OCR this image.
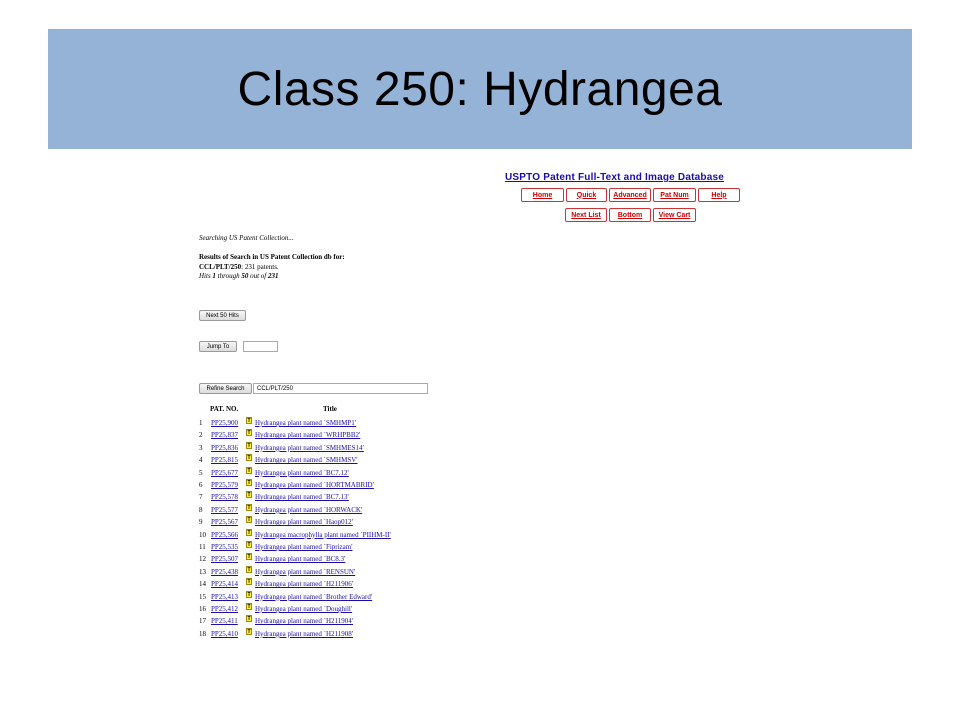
Class 250: Hydrangea
USPTO Patent Full-Text and Image Database
Home	Quick	Advanced	Pat Num	Help
Next List	Bottom	View Cart
Searching US Patent Collection...
Results of Search in US Patent Collection db for:
CCL/PLT/250: 231 patents.
Hits 1 through 50 out of 231
Next 50 Hits
Jump To
Refine Search	CCL/PLT/250
PAT. NO.	Title
1	PP25,900 T Hydrangea plant named `SMHMP1'
2	PP25,837 T Hydrangea plant named `WRHPBB2'
3	PP25,836 T Hydrangea plant named `SMHMES14'
4	PP25,815 T Hydrangea plant named `SMHMSV'
5	PP25,677 T Hydrangea plant named `BC7.12'
6	PP25,579 T Hydrangea plant named `HORTMABRID'
7	PP25,578 T Hydrangea plant named `BC7.13'
8	PP25,577 T Hydrangea plant named `HORWACK'
9	PP25,567 T Hydrangea plant named `Haop012'
10 PP25,566 T Hydrangea macrophylla plant named `PIIHM-II'
11 PP25,535 T Hydrangea plant named `Fiprizam'
12 PP25,507 T Hydrangea plant named `BC8.3'
13 PP25,438 T Hydrangea plant named `RENSUN'
14 PP25,414 T Hydrangea plant named `H211906'
15 PP25,413 T Hydrangea plant named `Brother Edward'
16 PP25,412 T Hydrangea plant named `Doughill'
17 PP25,411 T Hydrangea plant named `H211904'
18 PP25,410 T Hydrangea plant named `H211908'
